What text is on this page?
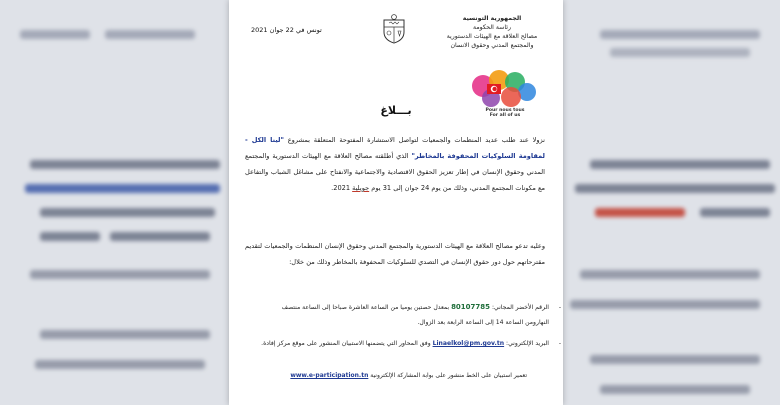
الجمهورية التونسية
رئاسة الحكومة
مصالح العلاقة مع الهيئات الدستورية
والمجتمع المدني وحقوق الانسان
تونس في 22 جوان 2021
Pour nous tous
For all of us
بـــلاغ
نزولا عند طلب عديد المنظمات والجمعيات لتواصل الاستشارة المفتوحة المتعلقة بمشروع "لينا الكل - لمقاومة السلوكيات المحفوفة بالمخاطر" الذي أطلقته مصالح العلاقة مع الهيئات الدستورية والمجتمع المدني وحقوق الإنسان في إطار تعزيز الحقوق الاقتصادية والاجتماعية والانفتاح على مشاغل الشباب والتفاعل مع مكونات المجتمع المدني، وذلك من يوم 24 جوان إلى 31 يوم جويلية 2021.
وعليه تدعو مصالح العلاقة مع الهيئات الدستورية والمجتمع المدني وحقوق الإنسان المنظمات والجمعيات لتقديم مقترحاتهم حول دور حقوق الإنسان في التصدي للسلوكيات المحفوفة بالمخاطر وذلك من خلال:
-
الرقم الأخضر المجاني: 80107785 بمعدل حصتين يوميا من الساعة العاشرة صباحا إلى الساعة منتصف النهارومن الساعة 14 إلى الساعة الرابعة بعد الزوال.
-
البريد الإلكتروني: Linaelkol@pm.gov.tn وفق المحاور التي يتضمنها الاستبيان المنشور على موقع مركز إفادة.
تعمير استبيان على الخط منشور على بوابة المشاركة الإلكترونية www.e-participation.tn
